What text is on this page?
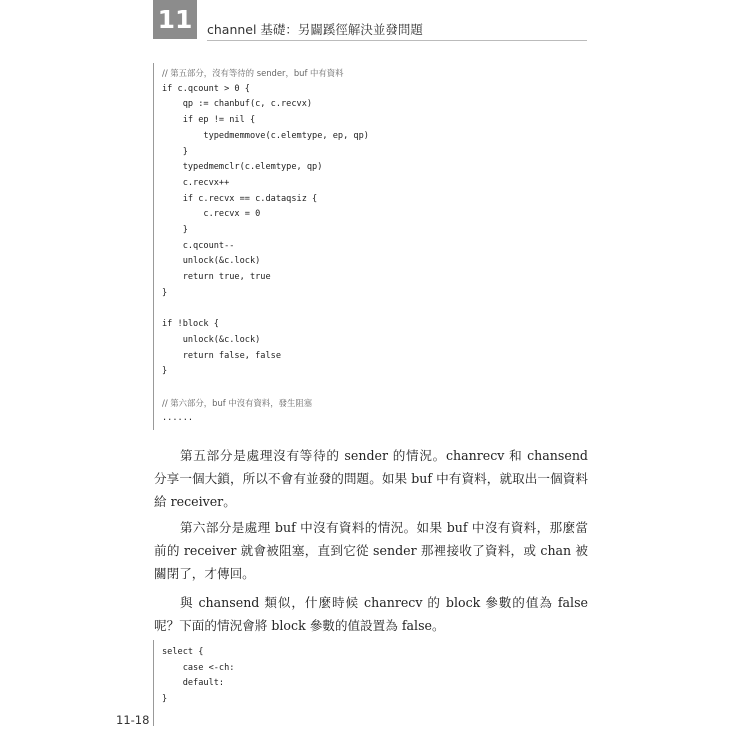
11 channel 基礎：另闢蹊徑解決並發問題
// 第五部分，沒有等待的 sender，buf 中有資料
if c.qcount > 0 {
qp := chanbuf(c, c.recvx)
if ep != nil {
typedmemmove(c.elemtype, ep, qp)
}
typedmemclr(c.elemtype, qp)
c.recvx++
if c.recvx == c.dataqsiz {
c.recvx = 0
}
c.qcount--
unlock(&c.lock)
return true, true
}
if !block {
unlock(&c.lock)
return false, false
}
// 第六部分，buf 中沒有資料，發生阻塞
......

第五部分是處理沒有等待的 sender 的情況。chanrecv 和 chansend 分享一個大鎖，所以不會有並發的問題。如果 buf 中有資料，就取出一個資料給 receiver。

第六部分是處理 buf 中沒有資料的情況。如果 buf 中沒有資料，那麼當前的 receiver 就會被阻塞，直到它從 sender 那裡接收了資料，或 chan 被關閉了，才傳回。

與 chansend 類似，什麼時候 chanrecv 的 block 參數的值為 false 呢？下面的情況會將 block 參數的值設置為 false。

select {
case <-ch:
default:
}
11-18
